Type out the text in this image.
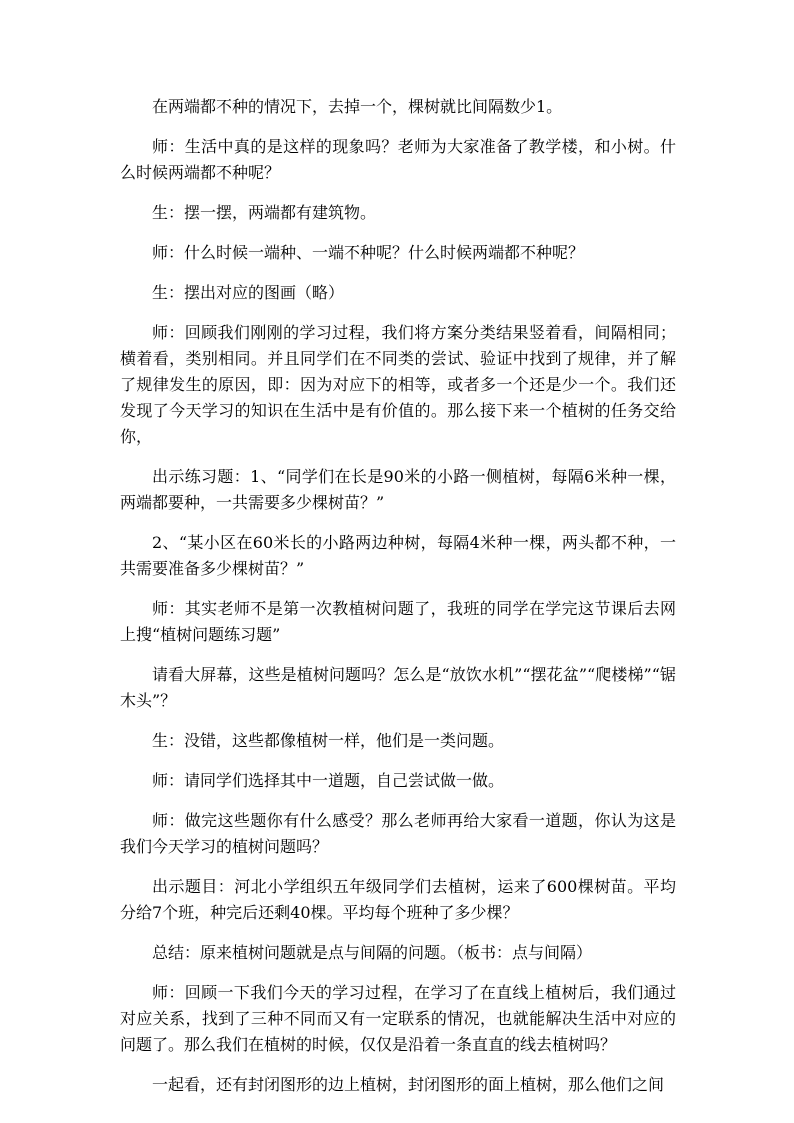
在两端都不种的情况下，去掉一个，棵树就比间隔数少1。

师：生活中真的是这样的现象吗？老师为大家准备了教学楼，和小树。什么时候两端都不种呢？

生：摆一摆，两端都有建筑物。

师：什么时候一端种、一端不种呢？什么时候两端都不种呢？

生：摆出对应的图画（略）

师：回顾我们刚刚的学习过程，我们将方案分类结果竖着看，间隔相同；横着看，类别相同。并且同学们在不同类的尝试、验证中找到了规律，并了解了规律发生的原因，即：因为对应下的相等，或者多一个还是少一个。我们还发现了今天学习的知识在生活中是有价值的。那么接下来一个植树的任务交给你，

出示练习题：1、“同学们在长是90米的小路一侧植树，每隔6米种一棵，两端都要种，一共需要多少棵树苗？”

2、“某小区在60米长的小路两边种树，每隔4米种一棵，两头都不种，一共需要准备多少棵树苗？”

师：其实老师不是第一次教植树问题了，我班的同学在学完这节课后去网上搜“植树问题练习题”

请看大屏幕，这些是植树问题吗？怎么是“放饮水机”“摆花盆”“爬楼梯”“锯木头”？

生：没错，这些都像植树一样，他们是一类问题。

师：请同学们选择其中一道题，自己尝试做一做。

师：做完这些题你有什么感受？那么老师再给大家看一道题，你认为这是我们今天学习的植树问题吗？

出示题目：河北小学组织五年级同学们去植树，运来了600棵树苗。平均分给7个班，种完后还剩40棵。平均每个班种了多少棵？

总结：原来植树问题就是点与间隔的问题。（板书：点与间隔）

师：回顾一下我们今天的学习过程，在学习了在直线上植树后，我们通过对应关系，找到了三种不同而又有一定联系的情况，也就能解决生活中对应的问题了。那么我们在植树的时候，仅仅是沿着一条直直的线去植树吗？

一起看，还有封闭图形的边上植树，封闭图形的面上植树，那么他们之间
